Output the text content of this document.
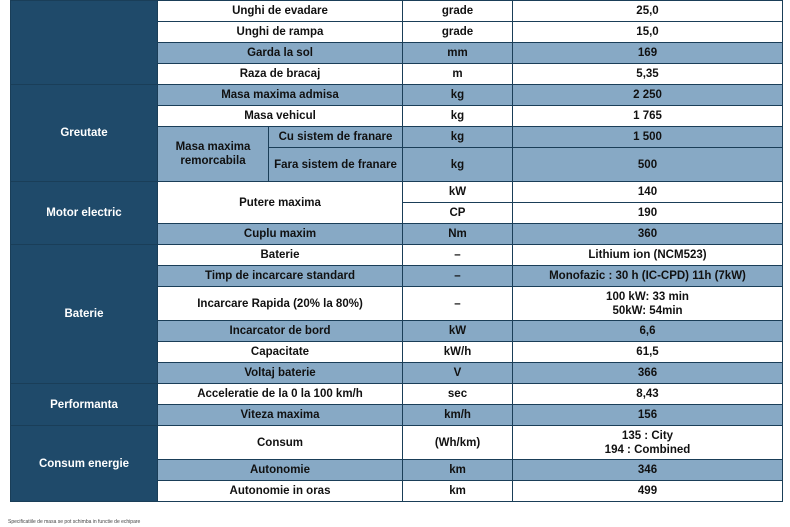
	Unghi de evadare		grade	25,0
	Unghi de rampa		grade	15,0
	Garda la sol		mm	169
	Raza de bracaj		m	5,35
Greutate	Masa maxima admisa		kg	2 250
	Masa vehicul		kg	1 765
	Masa maxima remorcabila	Cu sistem de franare	kg	1 500
		Fara sistem de franare	kg	500
Motor electric	Putere maxima		kW	140
			CP	190
	Cuplu maxim		Nm	360
Baterie	Baterie		–	Lithium ion (NCM523)
	Timp de incarcare standard		–	Monofazic : 30 h (IC-CPD) 11h (7kW)
	Incarcare Rapida (20% la 80%)		–	100 kW: 33 min
50kW: 54min

	Incarcator de bord		kW	6,6
	Capacitate		kW/h	61,5
	Voltaj baterie		V	366
Performanta	Acceleratie de la 0 la 100 km/h		sec	8,43
	Viteza maxima		km/h	156
Consum energie	Consum		(Wh/km)	135 : City
194 : Combined

	Autonomie		km	346
	Autonomie in oras		km	499
Specificatiile de masa se pot schimba in functie de echipare
